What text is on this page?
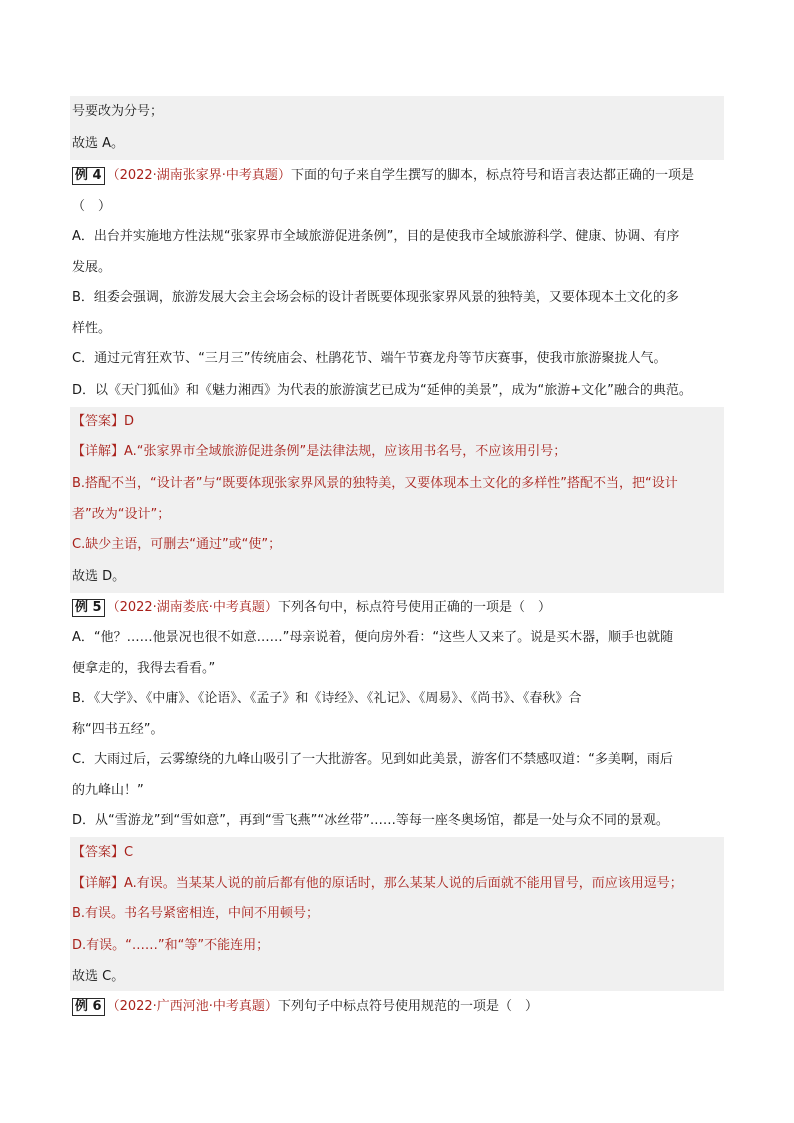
号要改为分号；

故选 A。

例 4 （2022·湖南张家界·中考真题） 下面的句子来自学生撰写的脚本，标点符号和语言表达都正确的一项是

（　）

A．出台并实施地方性法规“张家界市全域旅游促进条例”，目的是使我市全域旅游科学、健康、协调、有序

发展。

B．组委会强调，旅游发展大会主会场会标的设计者既要体现张家界风景的独特美，又要体现本土文化的多

样性。

C．通过元宵狂欢节、“三月三”传统庙会、杜鹃花节、端午节赛龙舟等节庆赛事，使我市旅游聚拢人气。

D．以《天门狐仙》和《魅力湘西》为代表的旅游演艺已成为“延伸的美景”，成为“旅游+文化”融合的典范。

【答案】D

【详解】A.“张家界市全域旅游促进条例”是法律法规，应该用书名号，不应该用引号；

B.搭配不当，“设计者”与“既要体现张家界风景的独特美，又要体现本土文化的多样性”搭配不当，把“设计

者”改为“设计”；

C.缺少主语，可删去“通过”或“使”；

故选 D。

例 5 （2022·湖南娄底·中考真题） 下列各句中，标点符号使用正确的一项是（　）

A．“他？……他景况也很不如意……”母亲说着，便向房外看：“这些人又来了。说是买木器，顺手也就随

便拿走的，我得去看看。”

B．《大学》、《中庸》、《论语》、《孟子》和《诗经》、《礼记》、《周易》、《尚书》、《春秋》合

称“四书五经”。

C．大雨过后，云雾缭绕的九峰山吸引了一大批游客。见到如此美景，游客们不禁感叹道：“多美啊，雨后

的九峰山！”

D．从“雪游龙”到“雪如意”，再到“雪飞燕”“冰丝带”……等每一座冬奥场馆，都是一处与众不同的景观。

【答案】C

【详解】A.有误。当某某人说的前后都有他的原话时，那么某某人说的后面就不能用冒号，而应该用逗号；

B.有误。书名号紧密相连，中间不用顿号；

D.有误。“……”和“等”不能连用；

故选 C。

例 6 （2022·广西河池·中考真题） 下列句子中标点符号使用规范的一项是（　）
